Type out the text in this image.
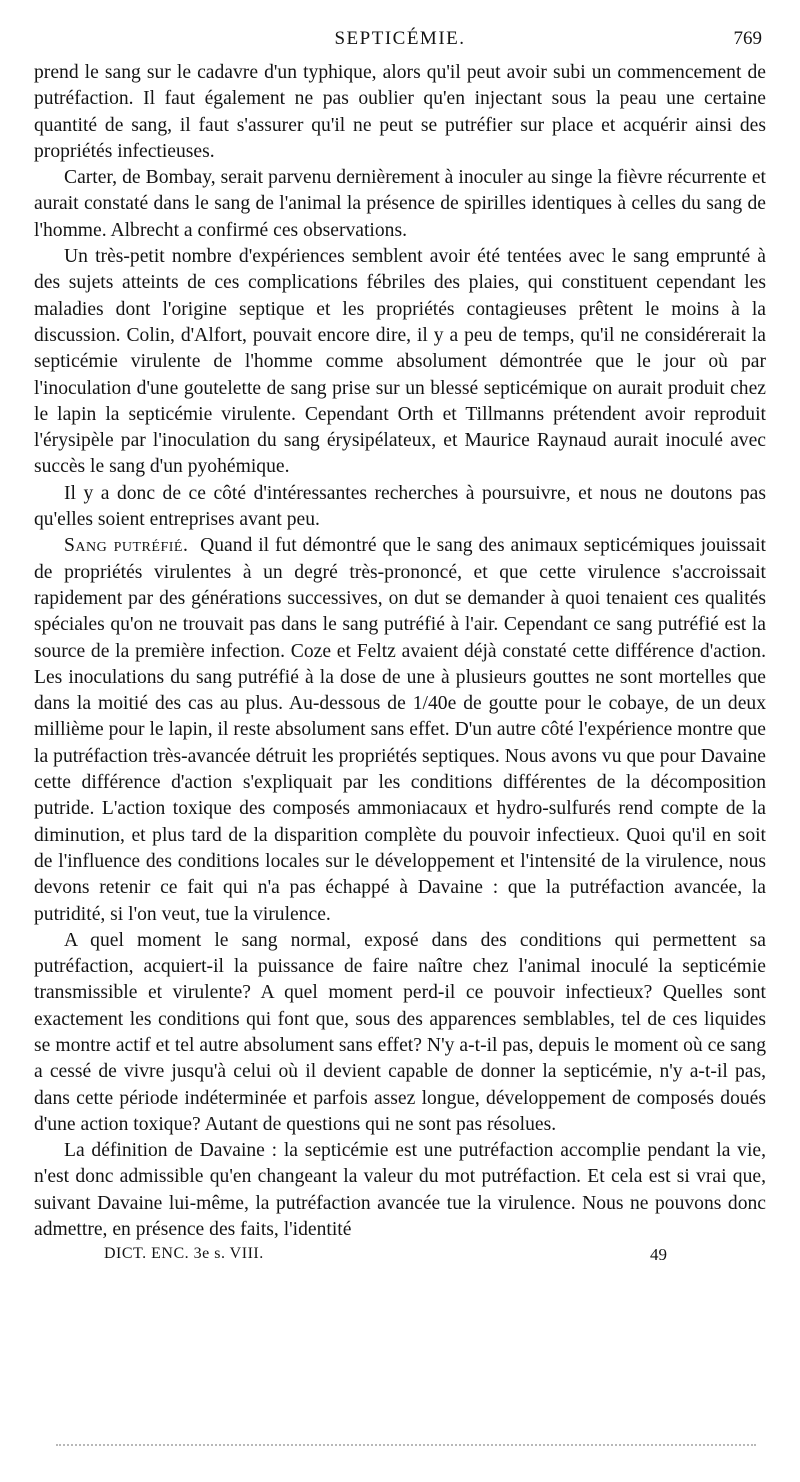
SEPTICÉMIE.	769

prend le sang sur le cadavre d'un typhique, alors qu'il peut avoir subi un commencement de putréfaction. Il faut également ne pas oublier qu'en injectant sous la peau une certaine quantité de sang, il faut s'assurer qu'il ne peut se putréfier sur place et acquérir ainsi des propriétés infectieuses.

Carter, de Bombay, serait parvenu dernièrement à inoculer au singe la fièvre récurrente et aurait constaté dans le sang de l'animal la présence de spirilles identiques à celles du sang de l'homme. Albrecht a confirmé ces observations.

Un très-petit nombre d'expériences semblent avoir été tentées avec le sang emprunté à des sujets atteints de ces complications fébriles des plaies, qui constituent cependant les maladies dont l'origine septique et les propriétés contagieuses prêtent le moins à la discussion. Colin, d'Alfort, pouvait encore dire, il y a peu de temps, qu'il ne considérerait la septicémie virulente de l'homme comme absolument démontrée que le jour où par l'inoculation d'une goutelette de sang prise sur un blessé septicémique on aurait produit chez le lapin la septicémie virulente. Cependant Orth et Tillmanns prétendent avoir reproduit l'érysipèle par l'inoculation du sang érysipélateux, et Maurice Raynaud aurait inoculé avec succès le sang d'un pyohémique.

Il y a donc de ce côté d'intéressantes recherches à poursuivre, et nous ne doutons pas qu'elles soient entreprises avant peu.

Sang putréfié. Quand il fut démontré que le sang des animaux septicémiques jouissait de propriétés virulentes à un degré très-prononcé, et que cette virulence s'accroissait rapidement par des générations successives, on dut se demander à quoi tenaient ces qualités spéciales qu'on ne trouvait pas dans le sang putréfié à l'air. Cependant ce sang putréfié est la source de la première infection. Coze et Feltz avaient déjà constaté cette différence d'action. Les inoculations du sang putréfié à la dose de une à plusieurs gouttes ne sont mortelles que dans la moitié des cas au plus. Au-dessous de 1/40e de goutte pour le cobaye, de un deux millième pour le lapin, il reste absolument sans effet. D'un autre côté l'expérience montre que la putréfaction très-avancée détruit les propriétés septiques. Nous avons vu que pour Davaine cette différence d'action s'expliquait par les conditions différentes de la décomposition putride. L'action toxique des composés ammoniacaux et hydro-sulfurés rend compte de la diminution, et plus tard de la disparition complète du pouvoir infectieux. Quoi qu'il en soit de l'influence des conditions locales sur le développement et l'intensité de la virulence, nous devons retenir ce fait qui n'a pas échappé à Davaine : que la putréfaction avancée, la putridité, si l'on veut, tue la virulence.

A quel moment le sang normal, exposé dans des conditions qui permettent sa putréfaction, acquiert-il la puissance de faire naître chez l'animal inoculé la septicémie transmissible et virulente? A quel moment perd-il ce pouvoir infectieux? Quelles sont exactement les conditions qui font que, sous des apparences semblables, tel de ces liquides se montre actif et tel autre absolument sans effet? N'y a-t-il pas, depuis le moment où ce sang a cessé de vivre jusqu'à celui où il devient capable de donner la septicémie, n'y a-t-il pas, dans cette période indéterminée et parfois assez longue, développement de composés doués d'une action toxique? Autant de questions qui ne sont pas résolues.

La définition de Davaine : la septicémie est une putréfaction accomplie pendant la vie, n'est donc admissible qu'en changeant la valeur du mot putréfaction. Et cela est si vrai que, suivant Davaine lui-même, la putréfaction avancée tue la virulence. Nous ne pouvons donc admettre, en présence des faits, l'identité

DICT. ENC. 3e s. VIII.	49
